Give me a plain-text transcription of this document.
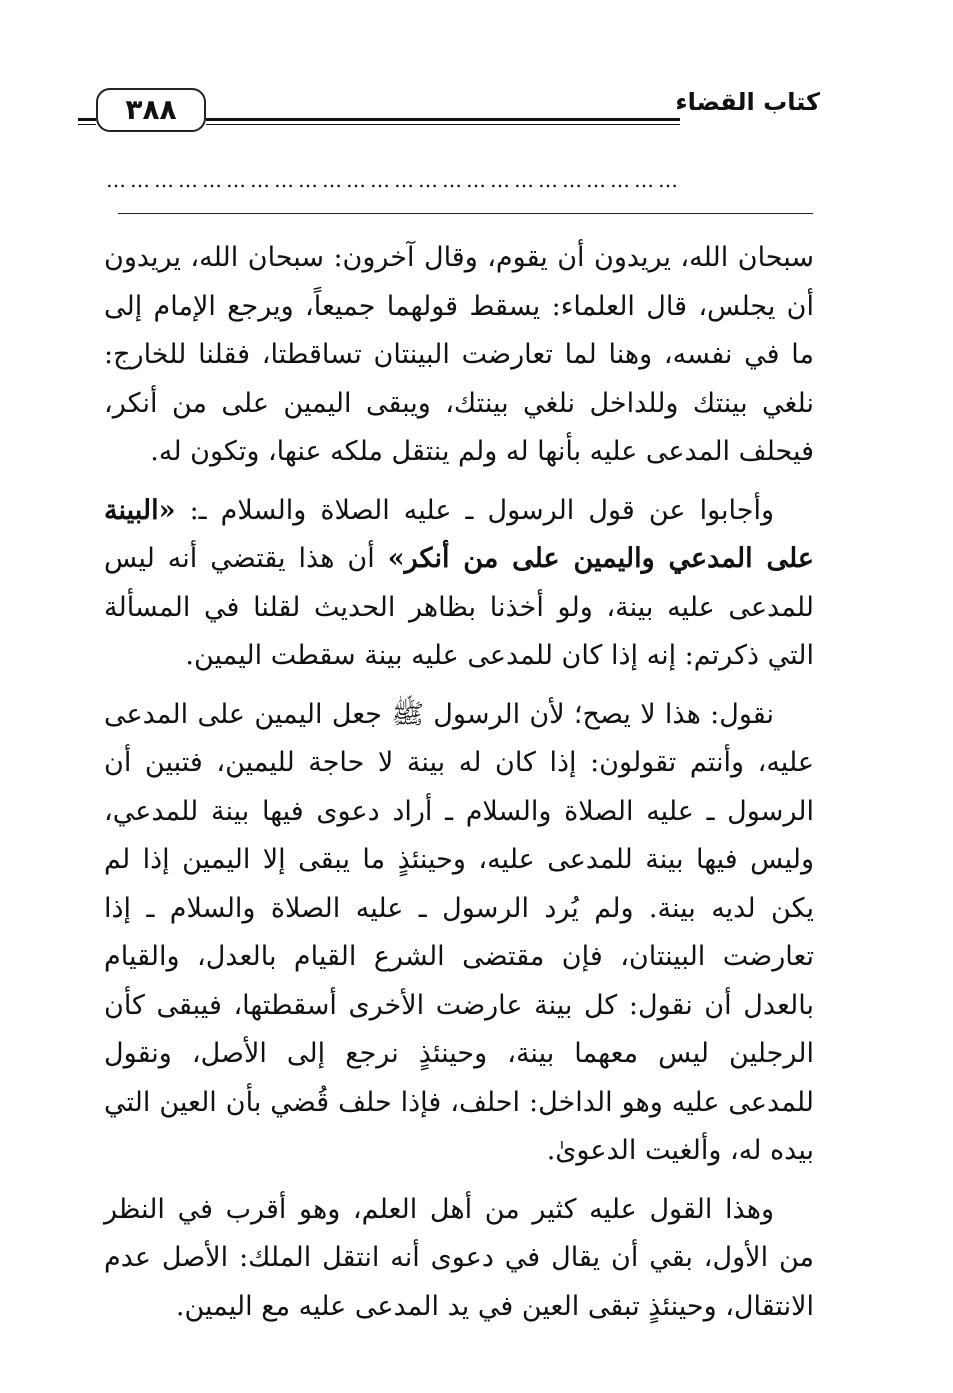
٣٨٨	كتاب القضاء
………………………………………………………………

سبحان الله، يريدون أن يقوم، وقال آخرون: سبحان الله، يريدون أن يجلس، قال العلماء: يسقط قولهما جميعاً، ويرجع الإمام إلى ما في نفسه، وهنا لما تعارضت البينتان تساقطتا، فقلنا للخارج: نلغي بينتك وللداخل نلغي بينتك، ويبقى اليمين على من أنكر، فيحلف المدعى عليه بأنها له ولم ينتقل ملكه عنها، وتكون له.

وأجابوا عن قول الرسول ـ عليه الصلاة والسلام ـ: «البينة على المدعي واليمين على من أنكر» أن هذا يقتضي أنه ليس للمدعى عليه بينة، ولو أخذنا بظاهر الحديث لقلنا في المسألة التي ذكرتم: إنه إذا كان للمدعى عليه بينة سقطت اليمين.

نقول: هذا لا يصح؛ لأن الرسول ﷺ جعل اليمين على المدعى عليه، وأنتم تقولون: إذا كان له بينة لا حاجة لليمين، فتبين أن الرسول ـ عليه الصلاة والسلام ـ أراد دعوى فيها بينة للمدعي، وليس فيها بينة للمدعى عليه، وحينئذٍ ما يبقى إلا اليمين إذا لم يكن لديه بينة. ولم يُرد الرسول ـ عليه الصلاة والسلام ـ إذا تعارضت البينتان، فإن مقتضى الشرع القيام بالعدل، والقيام بالعدل أن نقول: كل بينة عارضت الأخرى أسقطتها، فيبقى كأن الرجلين ليس معهما بينة، وحينئذٍ نرجع إلى الأصل، ونقول للمدعى عليه وهو الداخل: احلف، فإذا حلف قُضي بأن العين التي بيده له، وألغيت الدعوىٰ.

وهذا القول عليه كثير من أهل العلم، وهو أقرب في النظر من الأول، بقي أن يقال في دعوى أنه انتقل الملك: الأصل عدم الانتقال، وحينئذٍ تبقى العين في يد المدعى عليه مع اليمين.
